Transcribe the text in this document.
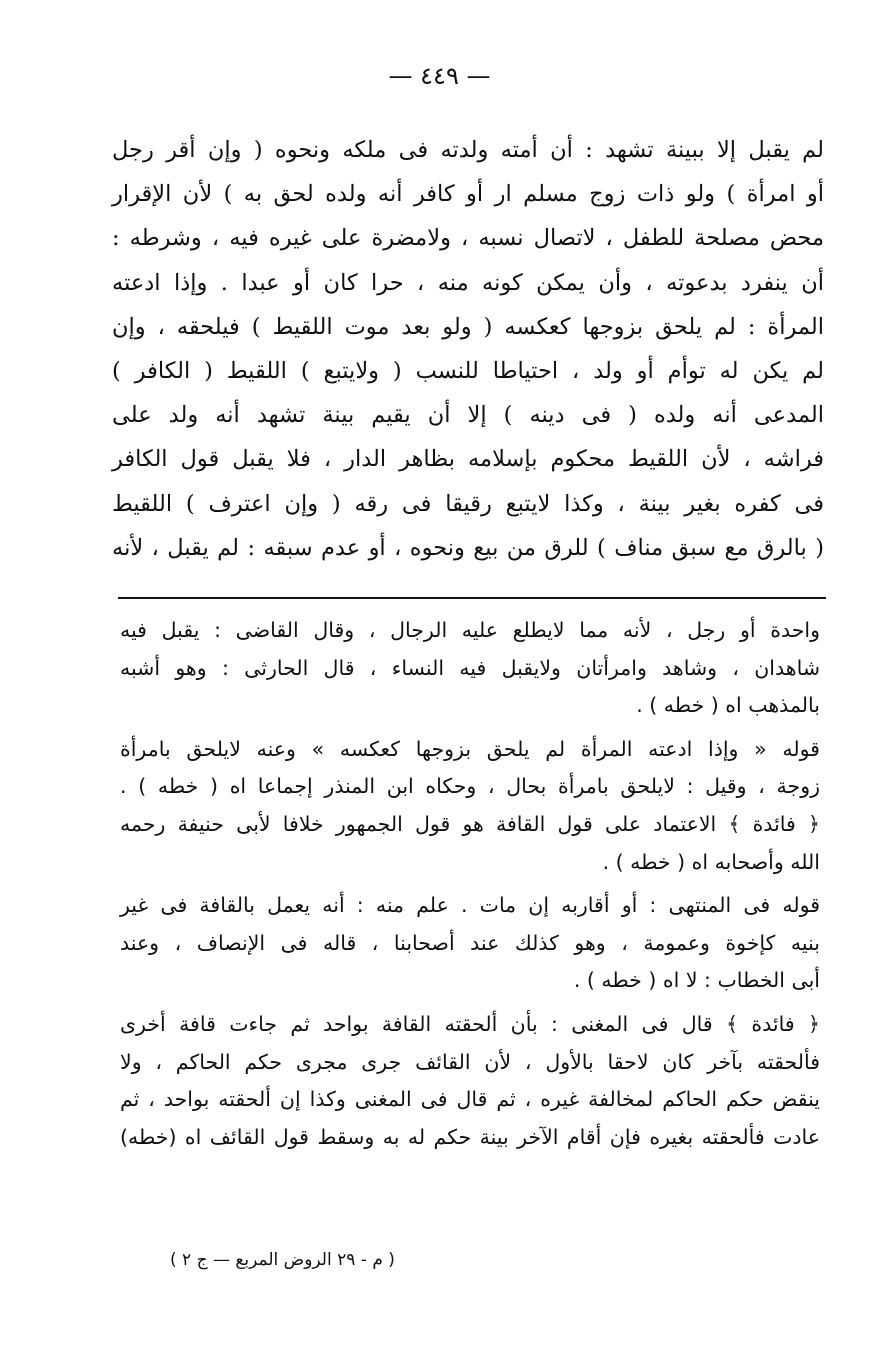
— ٤٤٩ —
لم يقبل إلا ببينة تشهد : أن أمته ولدته فى ملكه ونحوه ( وإن أقر رجل
أو امرأة ) ولو ذات زوج مسلم ار أو كافر أنه ولده لحق به ) لأن الإقرار
محض مصلحة للطفل ، لاتصال نسبه ، ولامضرة على غيره فيه ، وشرطه :
أن ينفرد بدعوته ، وأن يمكن كونه منه ، حرا كان أو عبدا . وإذا ادعته
المرأة : لم يلحق بزوجها كعكسه ( ولو بعد موت اللقيط ) فيلحقه ، وإن
لم يكن له توأم أو ولد ، احتياطا للنسب ( ولايتبع ) اللقيط ( الكافر )
المدعى أنه ولده ( فى دينه ) إلا أن يقيم بينة تشهد أنه ولد على
فراشه ، لأن اللقيط محكوم بإسلامه بظاهر الدار ، فلا يقبل قول الكافر
فى كفره بغير بينة ، وكذا لايتبع رقيقا فى رقه ( وإن اعترف ) اللقيط
( بالرق مع سبق مناف ) للرق من بيع ونحوه ، أو عدم سبقه : لم يقبل ، لأنه
واحدة أو رجل ، لأنه مما لايطلع عليه الرجال ، وقال القاضى : يقبل فيه
شاهدان ، وشاهد وامرأتان ولايقبل فيه النساء ، قال الحارثى : وهو أشبه
بالمذهب اه ( خطه ) .
قوله « وإذا ادعته المرأة لم يلحق بزوجها كعكسه » وعنه لايلحق بامرأة
زوجة ، وقيل : لايلحق بامرأة بحال ، وحكاه ابن المنذر إجماعا اه ( خطه ) .
﴿ فائدة ﴾ الاعتماد على قول القافة هو قول الجمهور خلافا لأبى حنيفة رحمه
الله وأصحابه اه ( خطه ) .
قوله فى المنتهى : أو أقاربه إن مات . علم منه : أنه يعمل بالقافة فى غير
بنيه كإخوة وعمومة ، وهو كذلك عند أصحابنا ، قاله فى الإنصاف ، وعند
أبى الخطاب : لا اه ( خطه ) .
﴿ فائدة ﴾ قال فى المغنى : بأن ألحقته القافة بواحد ثم جاءت قافة أخرى
فألحقته بآخر كان لاحقا بالأول ، لأن القائف جرى مجرى حكم الحاكم ، ولا
ينقض حكم الحاكم لمخالفة غيره ، ثم قال فى المغنى وكذا إن ألحقته بواحد ، ثم
عادت فألحقته بغيره فإن أقام الآخر بينة حكم له به وسقط قول القائف اه (خطه)
( م - ٢٩ الروض المربع — ج ٢ )
